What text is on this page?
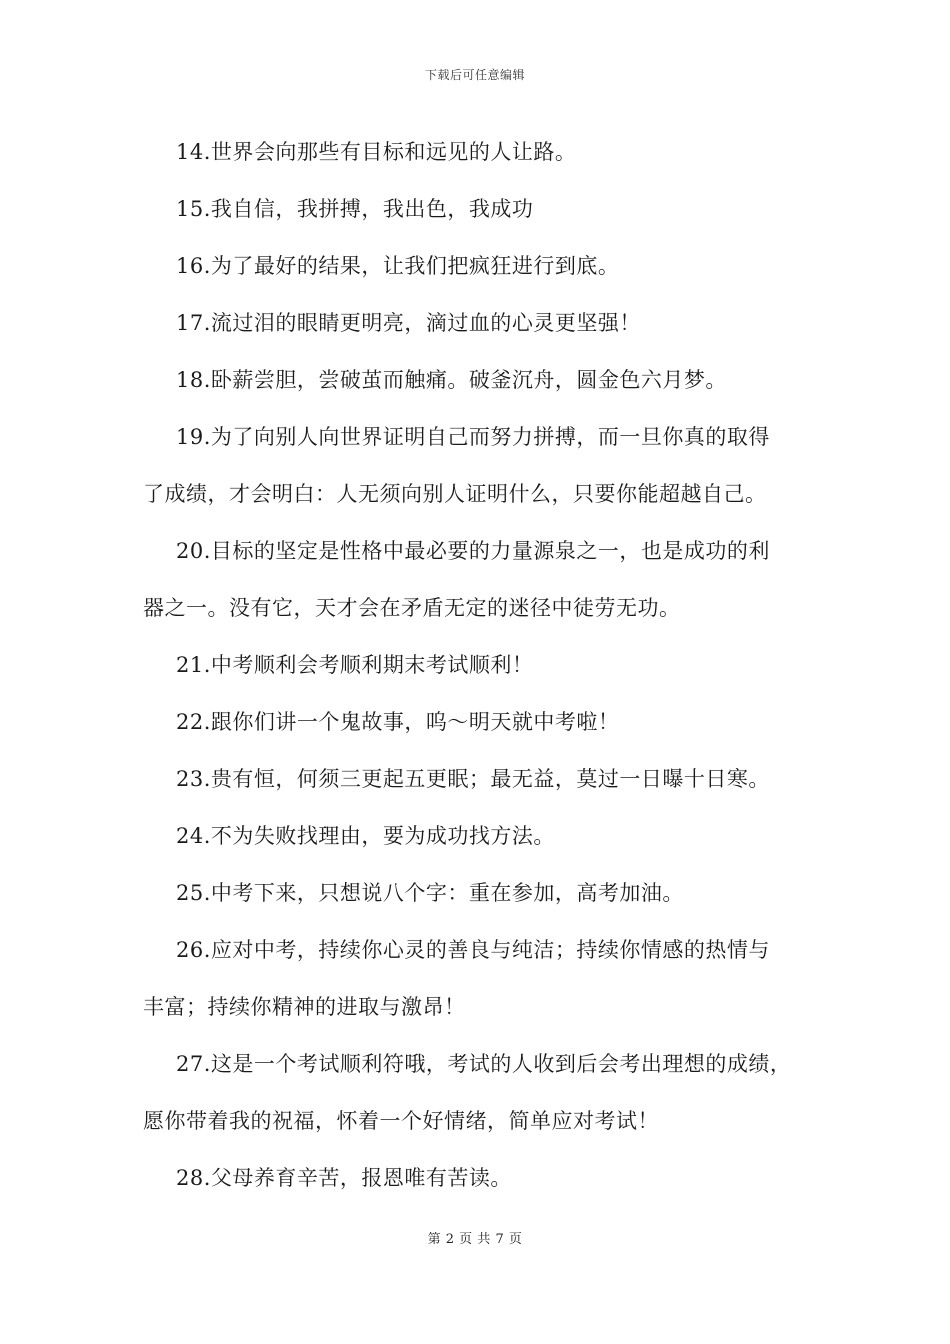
下载后可任意编辑
14.世界会向那些有目标和远见的人让路。
15.我自信，我拼搏，我出色，我成功
16.为了最好的结果，让我们把疯狂进行到底。
17.流过泪的眼睛更明亮，滴过血的心灵更坚强！
18.卧薪尝胆，尝破茧而触痛。破釜沉舟，圆金色六月梦。
19.为了向别人向世界证明自己而努力拼搏，而一旦你真的取得
了成绩，才会明白：人无须向别人证明什么，只要你能超越自己。
20.目标的坚定是性格中最必要的力量源泉之一，也是成功的利
器之一。没有它，天才会在矛盾无定的迷径中徒劳无功。
21.中考顺利会考顺利期末考试顺利！
22.跟你们讲一个鬼故事，呜～明天就中考啦！
23.贵有恒，何须三更起五更眠；最无益，莫过一日曝十日寒。
24.不为失败找理由，要为成功找方法。
25.中考下来，只想说八个字：重在参加，高考加油。
26.应对中考，持续你心灵的善良与纯洁；持续你情感的热情与
丰富；持续你精神的进取与激昂！
27.这是一个考试顺利符哦，考试的人收到后会考出理想的成绩，
愿你带着我的祝福，怀着一个好情绪，简单应对考试！
28.父母养育辛苦，报恩唯有苦读。
第 2 页 共 7 页
